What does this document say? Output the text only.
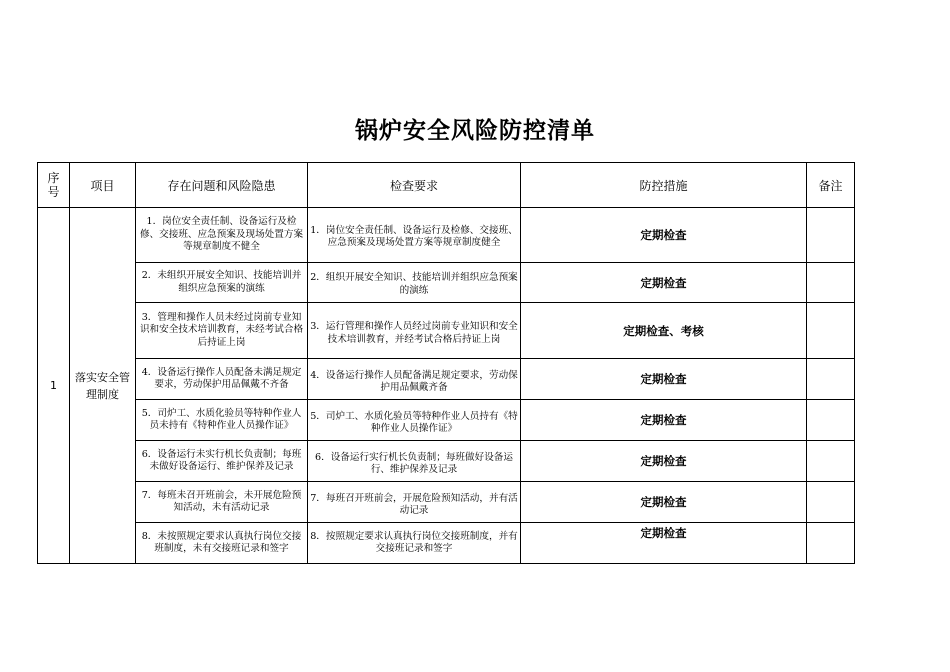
锅炉安全风险防控清单
序号	项目	存在问题和风险隐患	检查要求	防控措施	备注
1	落实安全管理制度	1．岗位安全责任制、设备运行及检修、交接班、应急预案及现场处置方案等规章制度不健全	1．岗位安全责任制、设备运行及检修、交接班、应急预案及现场处置方案等规章制度健全	定期检查	
		2．未组织开展安全知识、技能培训并组织应急预案的演练	2．组织开展安全知识、技能培训并组织应急预案的演练	定期检查	
		3．管理和操作人员未经过岗前专业知识和安全技术培训教育，未经考试合格后持证上岗	3．运行管理和操作人员经过岗前专业知识和安全技术培训教育，并经考试合格后持证上岗	定期检查、考核	
		4．设备运行操作人员配备未满足规定要求，劳动保护用品佩戴不齐备	4．设备运行操作人员配备满足规定要求，劳动保护用品佩戴齐备	定期检查	
		5．司炉工、水质化验员等特种作业人员未持有《特种作业人员操作证》	5．司炉工、水质化验员等特种作业人员持有《特种作业人员操作证》	定期检查	
		6．设备运行未实行机长负责制；每班未做好设备运行、维护保养及记录	6．设备运行实行机长负责制；每班做好设备运行、维护保养及记录	定期检查	
		7．每班未召开班前会，未开展危险预知活动，未有活动记录	7．每班召开班前会，开展危险预知活动，并有活动记录	定期检查	
		8．未按照规定要求认真执行岗位交接班制度，未有交接班记录和签字	8．按照规定要求认真执行岗位交接班制度，并有交接班记录和签字	定期检查	
